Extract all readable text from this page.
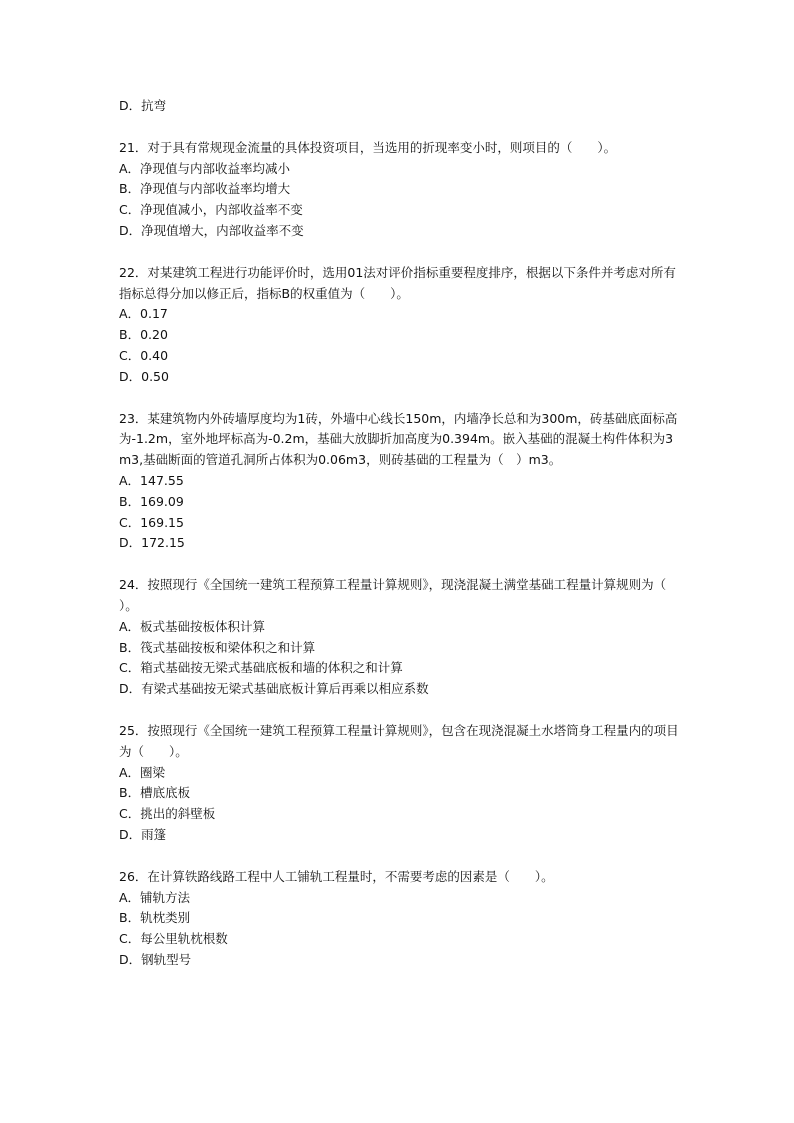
D．抗弯
21．对于具有常规现金流量的具体投资项目，当选用的折现率变小时，则项目的（　　）。
A．净现值与内部收益率均减小
B．净现值与内部收益率均增大
C．净现值减小，内部收益率不变
D．净现值增大，内部收益率不变
22．对某建筑工程进行功能评价时，选用01法对评价指标重要程度排序，根据以下条件并考虑对所有指标总得分加以修正后，指标B的权重值为（　　）。
A．0.17
B．0.20
C．0.40
D．0.50
23．某建筑物内外砖墙厚度均为1砖，外墙中心线长150m，内墙净长总和为300m，砖基础底面标高为-1.2m，室外地坪标高为-0.2m，基础大放脚折加高度为0.394m。嵌入基础的混凝土构件体积为3m3,基础断面的管道孔洞所占体积为0.06m3，则砖基础的工程量为（　）m3。
A．147.55
B．169.09
C．169.15
D．172.15
24．按照现行《全国统一建筑工程预算工程量计算规则》，现浇混凝土满堂基础工程量计算规则为（　　）。
A．板式基础按板体积计算
B．筏式基础按板和梁体积之和计算
C．箱式基础按无梁式基础底板和墙的体积之和计算
D．有梁式基础按无梁式基础底板计算后再乘以相应系数
25．按照现行《全国统一建筑工程预算工程量计算规则》，包含在现浇混凝土水塔筒身工程量内的项目为（　　）。
A．圈梁
B．槽底底板
C．挑出的斜壁板
D．雨篷
26．在计算铁路线路工程中人工铺轨工程量时，不需要考虑的因素是（　　）。
A．铺轨方法
B．轨枕类别
C．每公里轨枕根数
D．钢轨型号
